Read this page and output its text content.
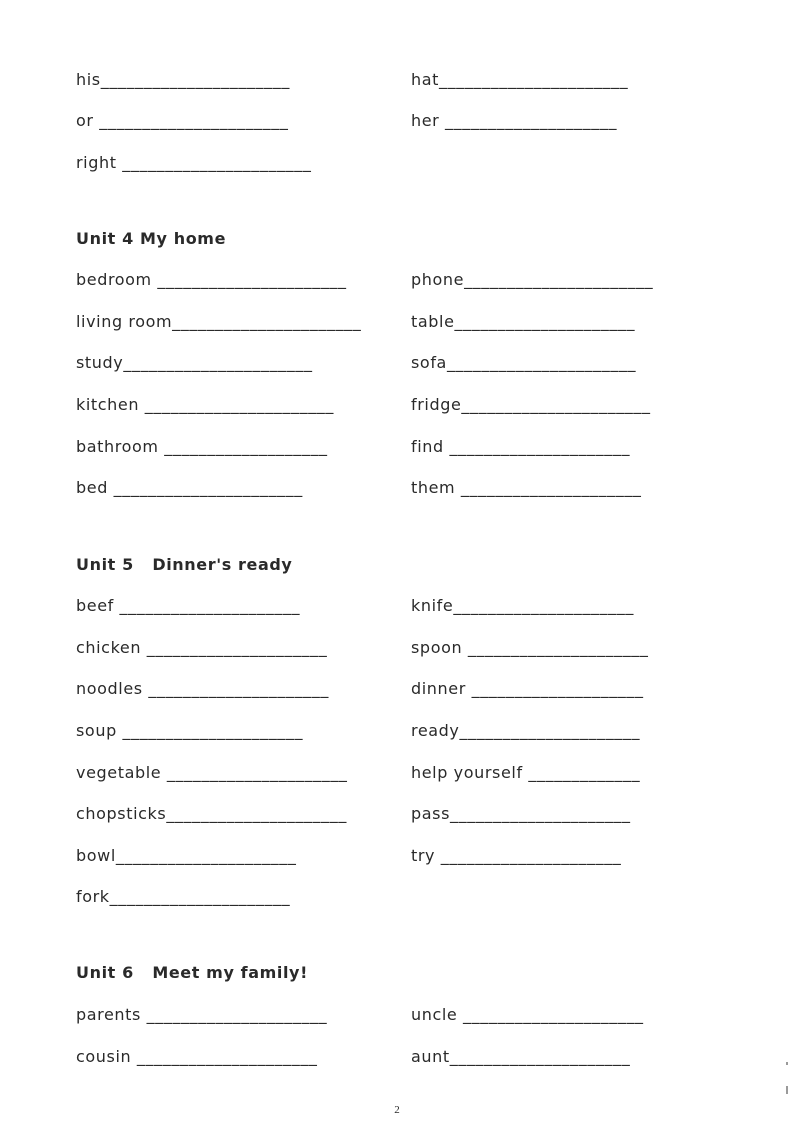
his______________________	hat______________________
or ______________________	her ____________________
right ______________________
Unit 4 My home
bedroom ______________________	phone______________________
living room______________________	table_____________________
study______________________	sofa______________________
kitchen ______________________	fridge______________________
bathroom ___________________	find _____________________
bed ______________________	them _____________________
Unit 5   Dinner's ready
beef _____________________	knife_____________________
chicken _____________________	spoon _____________________
noodles _____________________	dinner ____________________
soup _____________________	ready_____________________
vegetable _____________________	help yourself _____________
chopsticks_____________________	pass_____________________
bowl_____________________	try _____________________
fork_____________________
Unit 6   Meet my family!
parents _____________________	uncle _____________________
cousin _____________________	aunt_____________________
2
